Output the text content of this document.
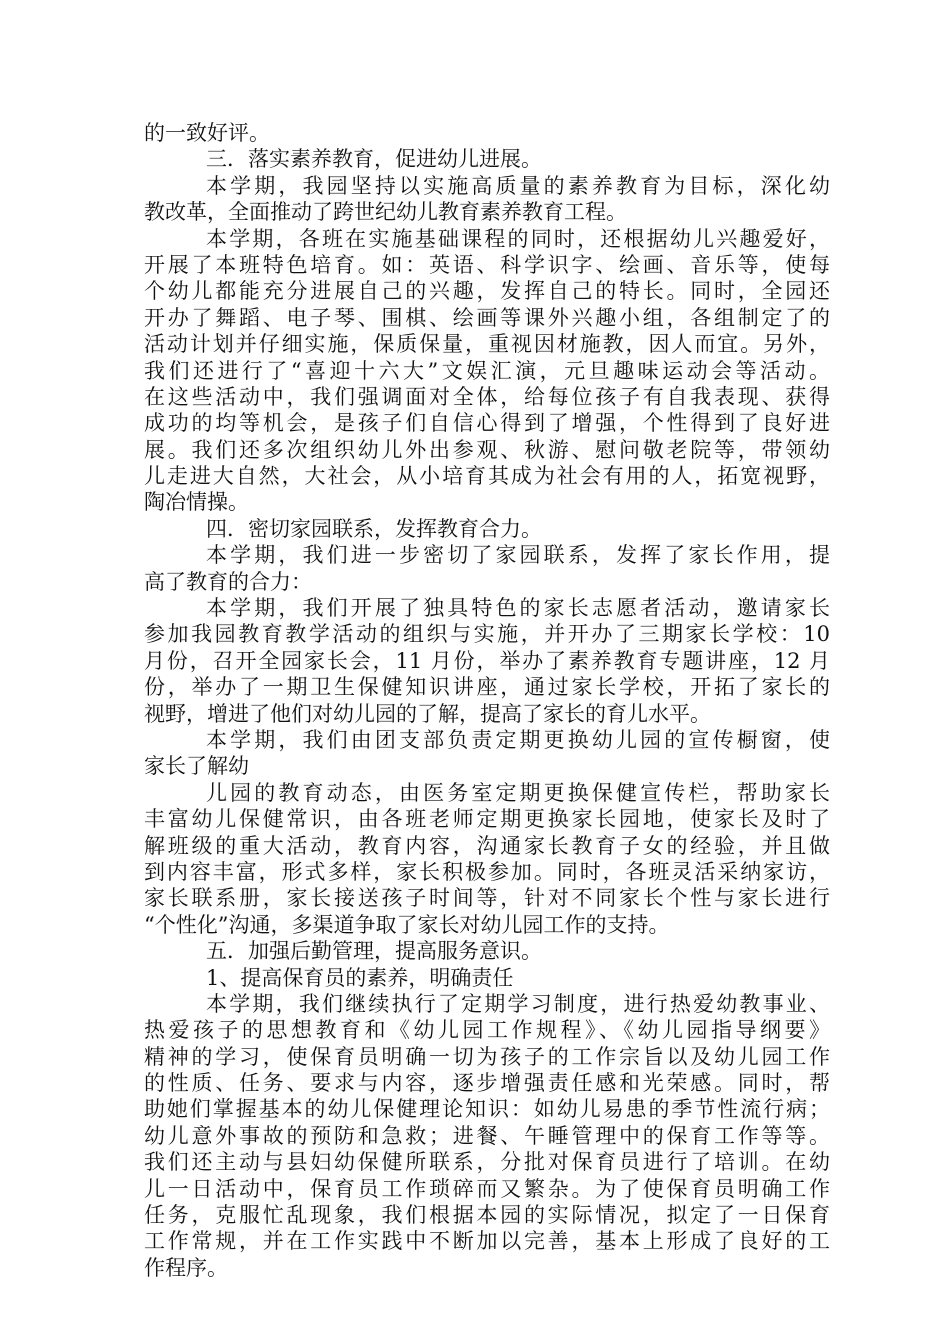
的一致好评。
三．落实素养教育，促进幼儿进展。
本学期，我园坚持以实施高质量的素养教育为目标，深化幼
教改革，全面推动了跨世纪幼儿教育素养教育工程。
本学期，各班在实施基础课程的同时，还根据幼儿兴趣爱好，
开展了本班特色培育。如：英语、科学识字、绘画、音乐等，使每
个幼儿都能充分进展自己的兴趣，发挥自己的特长。同时，全园还
开办了舞蹈、电子琴、围棋、绘画等课外兴趣小组，各组制定了的
活动计划并仔细实施，保质保量，重视因材施教，因人而宜。另外，
我们还进行了“喜迎十六大”文娱汇演，元旦趣味运动会等活动。
在这些活动中，我们强调面对全体，给每位孩子有自我表现、获得
成功的均等机会，是孩子们自信心得到了增强，个性得到了良好进
展。我们还多次组织幼儿外出参观、秋游、慰问敬老院等，带领幼
儿走进大自然，大社会，从小培育其成为社会有用的人，拓宽视野，
陶冶情操。
四．密切家园联系，发挥教育合力。
本学期，我们进一步密切了家园联系，发挥了家长作用，提
高了教育的合力：
本学期，我们开展了独具特色的家长志愿者活动，邀请家长
参加我园教育教学活动的组织与实施，并开办了三期家长学校：10
月份，召开全园家长会，11 月份，举办了素养教育专题讲座，12 月
份，举办了一期卫生保健知识讲座，通过家长学校，开拓了家长的
视野，增进了他们对幼儿园的了解，提高了家长的育儿水平。
本学期，我们由团支部负责定期更换幼儿园的宣传橱窗，使
家长了解幼
儿园的教育动态，由医务室定期更换保健宣传栏，帮助家长
丰富幼儿保健常识，由各班老师定期更换家长园地，使家长及时了
解班级的重大活动，教育内容，沟通家长教育子女的经验，并且做
到内容丰富，形式多样，家长积极参加。同时，各班灵活采纳家访，
家长联系册，家长接送孩子时间等，针对不同家长个性与家长进行
“个性化”沟通，多渠道争取了家长对幼儿园工作的支持。
五．加强后勤管理，提高服务意识。
1、提高保育员的素养，明确责任
本学期，我们继续执行了定期学习制度，进行热爱幼教事业、
热爱孩子的思想教育和《幼儿园工作规程》、《幼儿园指导纲要》
精神的学习，使保育员明确一切为孩子的工作宗旨以及幼儿园工作
的性质、任务、要求与内容，逐步增强责任感和光荣感。同时，帮
助她们掌握基本的幼儿保健理论知识：如幼儿易患的季节性流行病；
幼儿意外事故的预防和急救；进餐、午睡管理中的保育工作等等。
我们还主动与县妇幼保健所联系，分批对保育员进行了培训。在幼
儿一日活动中，保育员工作琐碎而又繁杂。为了使保育员明确工作
任务，克服忙乱现象，我们根据本园的实际情况，拟定了一日保育
工作常规，并在工作实践中不断加以完善，基本上形成了良好的工
作程序。
